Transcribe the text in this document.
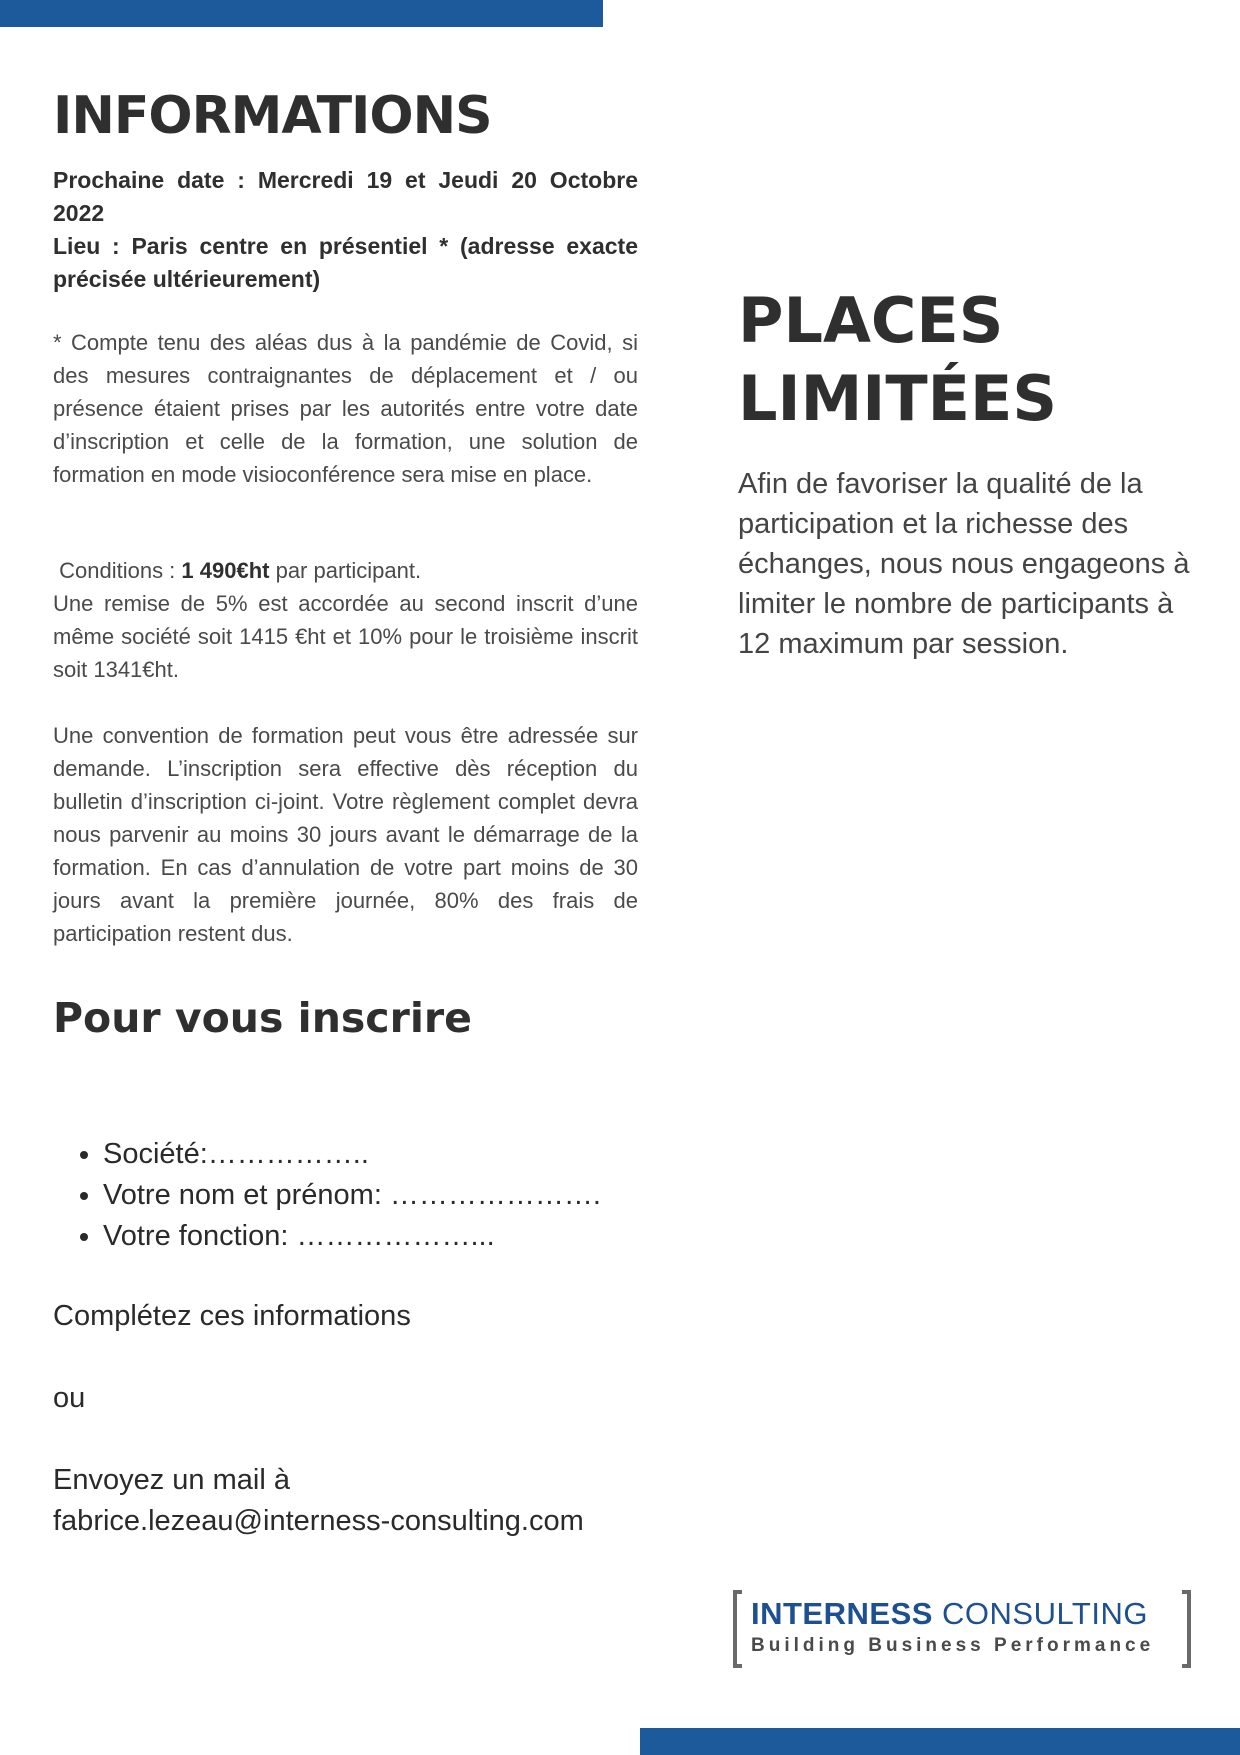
INFORMATIONS

Prochaine date : Mercredi 19 et Jeudi 20 Octobre 2022

Lieu : Paris centre en présentiel * (adresse exacte précisée ultérieurement)

* Compte tenu des aléas dus à la pandémie de Covid, si des mesures contraignantes de déplacement et / ou présence étaient prises par les autorités entre votre date d’inscription et celle de la formation, une solution de formation en mode visioconférence sera mise en place.

Conditions : 1 490€ht par participant.

Une remise de 5% est accordée au second inscrit d’une même société soit 1415 €ht et 10% pour le troisième inscrit soit 1341€ht.

Une convention de formation peut vous être adressée sur demande. L’inscription sera effective dès réception du bulletin d’inscription ci-joint. Votre règlement complet devra nous parvenir au moins 30 jours avant le démarrage de la formation. En cas d’annulation de votre part moins de 30 jours avant la première journée, 80% des frais de participation restent dus.

Pour vous inscrire
• Société:……………..
• Votre nom et prénom: ………………….
• Votre fonction: ………………...

Complétez ces informations

ou

Envoyez un mail à

fabrice.lezeau@interness-consulting.com

PLACES
LIMITÉES

Afin de favoriser la qualité de la participation et la richesse des échanges, nous nous engageons à limiter le nombre de participants à 12 maximum par session.

INTERNESS CONSULTING
Building Business Performance
